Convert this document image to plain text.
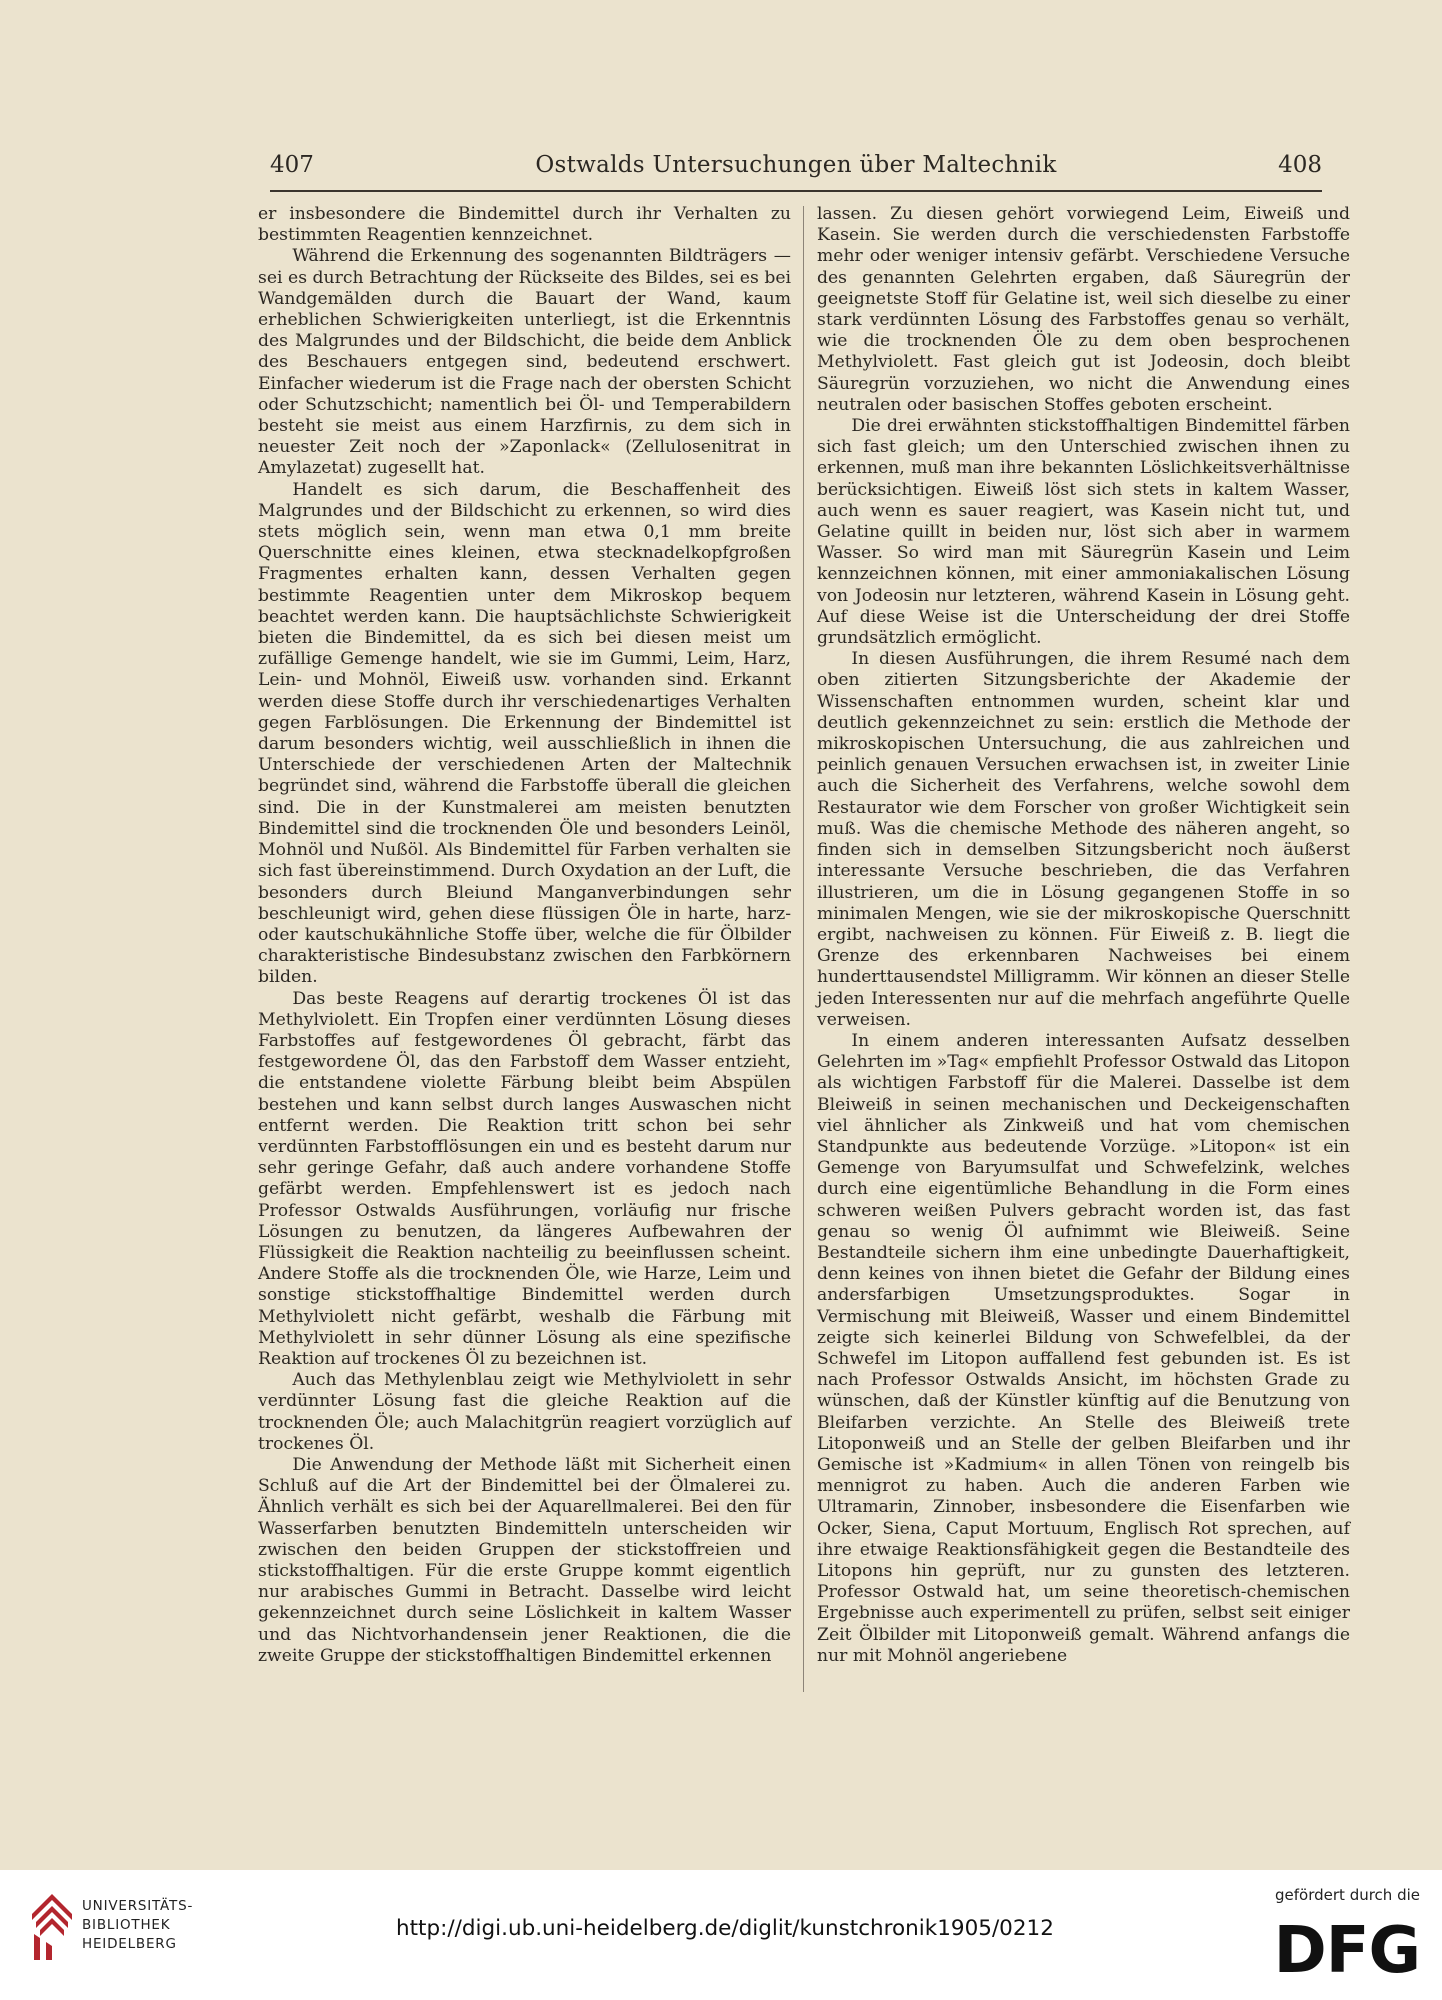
407	Ostwalds Untersuchungen über Maltechnik	408

er insbesondere die Bindemittel durch ihr Verhalten zu bestimmten Reagentien kennzeichnet.

Während die Erkennung des sogenannten Bildträgers — sei es durch Betrachtung der Rückseite des Bildes, sei es bei Wandgemälden durch die Bauart der Wand, kaum erheblichen Schwierigkeiten unterliegt, ist die Erkenntnis des Malgrundes und der Bildschicht, die beide dem Anblick des Beschauers entgegen sind, bedeutend erschwert. Einfacher wiederum ist die Frage nach der obersten Schicht oder Schutzschicht; namentlich bei Öl- und Temperabildern besteht sie meist aus einem Harzfirnis, zu dem sich in neuester Zeit noch der »Zaponlack« (Zellulosenitrat in Amylazetat) zugesellt hat.

Handelt es sich darum, die Beschaffenheit des Malgrundes und der Bildschicht zu erkennen, so wird dies stets möglich sein, wenn man etwa 0,1 mm breite Querschnitte eines kleinen, etwa stecknadelkopfgroßen Fragmentes erhalten kann, dessen Verhalten gegen bestimmte Reagentien unter dem Mikroskop bequem beachtet werden kann. Die hauptsächlichste Schwierigkeit bieten die Bindemittel, da es sich bei diesen meist um zufällige Gemenge handelt, wie sie im Gummi, Leim, Harz, Lein- und Mohnöl, Eiweiß usw. vorhanden sind. Erkannt werden diese Stoffe durch ihr verschiedenartiges Verhalten gegen Farblösungen. Die Erkennung der Bindemittel ist darum besonders wichtig, weil ausschließlich in ihnen die Unterschiede der verschiedenen Arten der Maltechnik begründet sind, während die Farbstoffe überall die gleichen sind. Die in der Kunstmalerei am meisten benutzten Bindemittel sind die trocknenden Öle und besonders Leinöl, Mohnöl und Nußöl. Als Bindemittel für Farben verhalten sie sich fast übereinstimmend. Durch Oxydation an der Luft, die besonders durch Bleiund Manganverbindungen sehr beschleunigt wird, gehen diese flüssigen Öle in harte, harz- oder kautschukähnliche Stoffe über, welche die für Ölbilder charakteristische Bindesubstanz zwischen den Farbkörnern bilden.

Das beste Reagens auf derartig trockenes Öl ist das Methylviolett. Ein Tropfen einer verdünnten Lösung dieses Farbstoffes auf festgewordenes Öl gebracht, färbt das festgewordene Öl, das den Farbstoff dem Wasser entzieht, die entstandene violette Färbung bleibt beim Abspülen bestehen und kann selbst durch langes Auswaschen nicht entfernt werden. Die Reaktion tritt schon bei sehr verdünnten Farbstofflösungen ein und es besteht darum nur sehr geringe Gefahr, daß auch andere vorhandene Stoffe gefärbt werden. Empfehlenswert ist es jedoch nach Professor Ostwalds Ausführungen, vorläufig nur frische Lösungen zu benutzen, da längeres Aufbewahren der Flüssigkeit die Reaktion nachteilig zu beeinflussen scheint. Andere Stoffe als die trocknenden Öle, wie Harze, Leim und sonstige stickstoffhaltige Bindemittel werden durch Methylviolett nicht gefärbt, weshalb die Färbung mit Methylviolett in sehr dünner Lösung als eine spezifische Reaktion auf trockenes Öl zu bezeichnen ist.

Auch das Methylenblau zeigt wie Methylviolett in sehr verdünnter Lösung fast die gleiche Reaktion auf die trocknenden Öle; auch Malachitgrün reagiert vorzüglich auf trockenes Öl.

Die Anwendung der Methode läßt mit Sicherheit einen Schluß auf die Art der Bindemittel bei der Ölmalerei zu. Ähnlich verhält es sich bei der Aquarellmalerei. Bei den für Wasserfarben benutzten Bindemitteln unterscheiden wir zwischen den beiden Gruppen der stickstoffreien und stickstoffhaltigen. Für die erste Gruppe kommt eigentlich nur arabisches Gummi in Betracht. Dasselbe wird leicht gekennzeichnet durch seine Löslichkeit in kaltem Wasser und das Nichtvorhandensein jener Reaktionen, die die zweite Gruppe der stickstoffhaltigen Bindemittel erkennen

lassen. Zu diesen gehört vorwiegend Leim, Eiweiß und Kasein. Sie werden durch die verschiedensten Farbstoffe mehr oder weniger intensiv gefärbt. Verschiedene Versuche des genannten Gelehrten ergaben, daß Säuregrün der geeignetste Stoff für Gelatine ist, weil sich dieselbe zu einer stark verdünnten Lösung des Farbstoffes genau so verhält, wie die trocknenden Öle zu dem oben besprochenen Methylviolett. Fast gleich gut ist Jodeosin, doch bleibt Säuregrün vorzuziehen, wo nicht die Anwendung eines neutralen oder basischen Stoffes geboten erscheint.

Die drei erwähnten stickstoffhaltigen Bindemittel färben sich fast gleich; um den Unterschied zwischen ihnen zu erkennen, muß man ihre bekannten Löslichkeitsverhältnisse berücksichtigen. Eiweiß löst sich stets in kaltem Wasser, auch wenn es sauer reagiert, was Kasein nicht tut, und Gelatine quillt in beiden nur, löst sich aber in warmem Wasser. So wird man mit Säuregrün Kasein und Leim kennzeichnen können, mit einer ammoniakalischen Lösung von Jodeosin nur letzteren, während Kasein in Lösung geht. Auf diese Weise ist die Unterscheidung der drei Stoffe grundsätzlich ermöglicht.

In diesen Ausführungen, die ihrem Resumé nach dem oben zitierten Sitzungsberichte der Akademie der Wissenschaften entnommen wurden, scheint klar und deutlich gekennzeichnet zu sein: erstlich die Methode der mikroskopischen Untersuchung, die aus zahlreichen und peinlich genauen Versuchen erwachsen ist, in zweiter Linie auch die Sicherheit des Verfahrens, welche sowohl dem Restaurator wie dem Forscher von großer Wichtigkeit sein muß. Was die chemische Methode des näheren angeht, so finden sich in demselben Sitzungsbericht noch äußerst interessante Versuche beschrieben, die das Verfahren illustrieren, um die in Lösung gegangenen Stoffe in so minimalen Mengen, wie sie der mikroskopische Querschnitt ergibt, nachweisen zu können. Für Eiweiß z. B. liegt die Grenze des erkennbaren Nachweises bei einem hunderttausendstel Milligramm. Wir können an dieser Stelle jeden Interessenten nur auf die mehrfach angeführte Quelle verweisen.

In einem anderen interessanten Aufsatz desselben Gelehrten im »Tag« empfiehlt Professor Ostwald das Litopon als wichtigen Farbstoff für die Malerei. Dasselbe ist dem Bleiweiß in seinen mechanischen und Deckeigenschaften viel ähnlicher als Zinkweiß und hat vom chemischen Standpunkte aus bedeutende Vorzüge. »Litopon« ist ein Gemenge von Baryumsulfat und Schwefelzink, welches durch eine eigentümliche Behandlung in die Form eines schweren weißen Pulvers gebracht worden ist, das fast genau so wenig Öl aufnimmt wie Bleiweiß. Seine Bestandteile sichern ihm eine unbedingte Dauerhaftigkeit, denn keines von ihnen bietet die Gefahr der Bildung eines andersfarbigen Umsetzungsproduktes. Sogar in Vermischung mit Bleiweiß, Wasser und einem Bindemittel zeigte sich keinerlei Bildung von Schwefelblei, da der Schwefel im Litopon auffallend fest gebunden ist. Es ist nach Professor Ostwalds Ansicht, im höchsten Grade zu wünschen, daß der Künstler künftig auf die Benutzung von Bleifarben verzichte. An Stelle des Bleiweiß trete Litoponweiß und an Stelle der gelben Bleifarben und ihr Gemische ist »Kadmium« in allen Tönen von reingelb bis mennigrot zu haben. Auch die anderen Farben wie Ultramarin, Zinnober, insbesondere die Eisenfarben wie Ocker, Siena, Caput Mortuum, Englisch Rot sprechen, auf ihre etwaige Reaktionsfähigkeit gegen die Bestandteile des Litopons hin geprüft, nur zu gunsten des letzteren. Professor Ostwald hat, um seine theoretisch-chemischen Ergebnisse auch experimentell zu prüfen, selbst seit einiger Zeit Ölbilder mit Litoponweiß gemalt. Während anfangs die nur mit Mohnöl angeriebene

UNIVERSITÄTS-
BIBLIOTHEK
HEIDELBERG
http://digi.ub.uni-heidelberg.de/diglit/kunstchronik1905/0212
gefördert durch die
DFG
